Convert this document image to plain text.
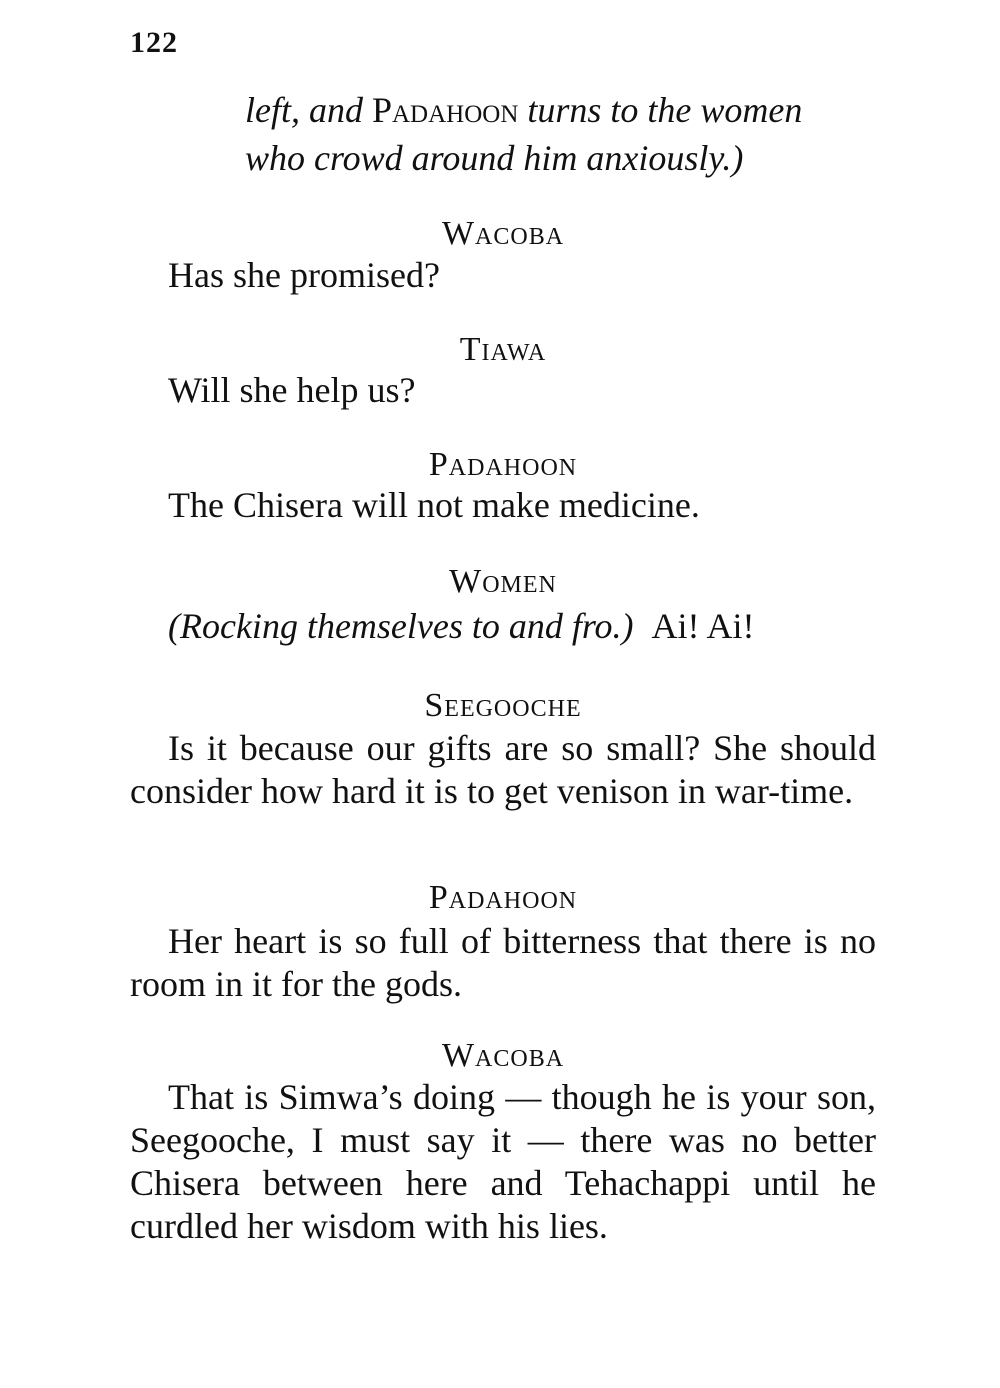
122
left, and Padahoon turns to the women
who crowd around him anxiously.)
Wacoba
Has she promised?
Tiawa
Will she help us?
Padahoon
The Chisera will not make medicine.
Women
(Rocking themselves to and fro.) Ai! Ai!
Seegooche
Is it because our gifts are so small? She should consider how hard it is to get venison in war-time.
Padahoon
Her heart is so full of bitterness that there is no room in it for the gods.
Wacoba
That is Simwa’s doing — though he is your son, Seegooche, I must say it — there was no better Chisera between here and Tehachappi until he curdled her wisdom with his lies.
